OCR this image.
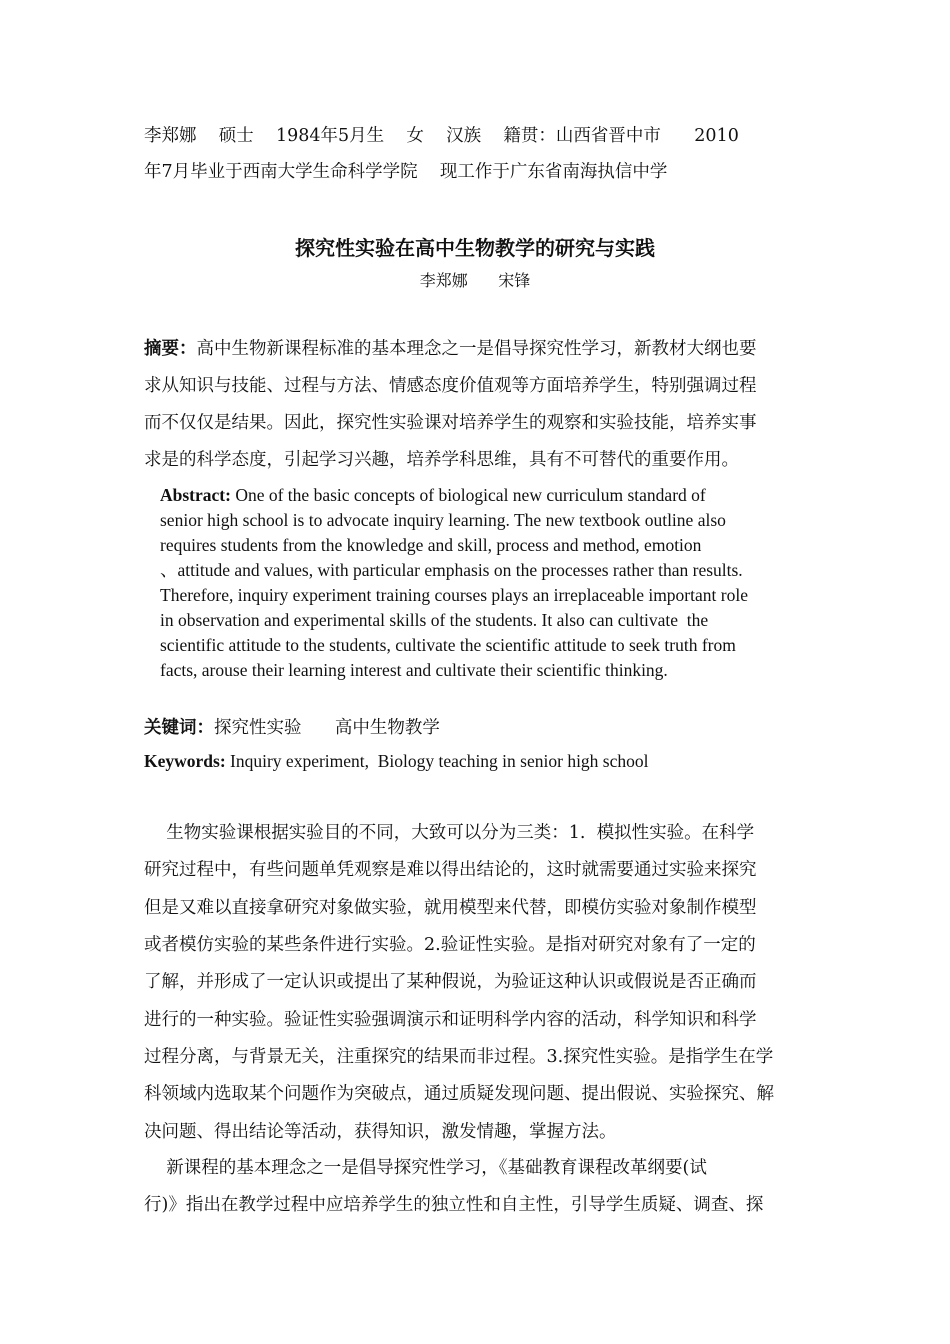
李郑娜    硕士    1984年5月生    女    汉族    籍贯：山西省晋中市      2010
年7月毕业于西南大学生命科学学院    现工作于广东省南海执信中学
探究性实验在高中生物教学的研究与实践
李郑娜      宋锋
摘要：高中生物新课程标准的基本理念之一是倡导探究性学习，新教材大纲也要
求从知识与技能、过程与方法、情感态度价值观等方面培养学生，特别强调过程
而不仅仅是结果。因此，探究性实验课对培养学生的观察和实验技能，培养实事
求是的科学态度，引起学习兴趣，培养学科思维，具有不可替代的重要作用。
Abstract: One of the basic concepts of biological new curriculum standard of
senior high school is to advocate inquiry learning. The new textbook outline also
requires students from the knowledge and skill, process and method, emotion
、attitude and values, with particular emphasis on the processes rather than results.
Therefore, inquiry experiment training courses plays an irreplaceable important role
in observation and experimental skills of the students. It also can cultivate  the
scientific attitude to the students, cultivate the scientific attitude to seek truth from
facts, arouse their learning interest and cultivate their scientific thinking.
关键词：探究性实验      高中生物教学
Keywords: Inquiry experiment,  Biology teaching in senior high school
生物实验课根据实验目的不同，大致可以分为三类：1.  模拟性实验。在科学
研究过程中，有些问题单凭观察是难以得出结论的，这时就需要通过实验来探究
但是又难以直接拿研究对象做实验，就用模型来代替，即模仿实验对象制作模型
或者模仿实验的某些条件进行实验。2.验证性实验。是指对研究对象有了一定的
了解，并形成了一定认识或提出了某种假说，为验证这种认识或假说是否正确而
进行的一种实验。验证性实验强调演示和证明科学内容的活动，科学知识和科学
过程分离，与背景无关，注重探究的结果而非过程。3.探究性实验。是指学生在学
科领域内选取某个问题作为突破点，通过质疑发现问题、提出假说、实验探究、解
决问题、得出结论等活动，获得知识，激发情趣，掌握方法。
新课程的基本理念之一是倡导探究性学习，《基础教育课程改革纲要(试
行)》指出在教学过程中应培养学生的独立性和自主性，引导学生质疑、调查、探
